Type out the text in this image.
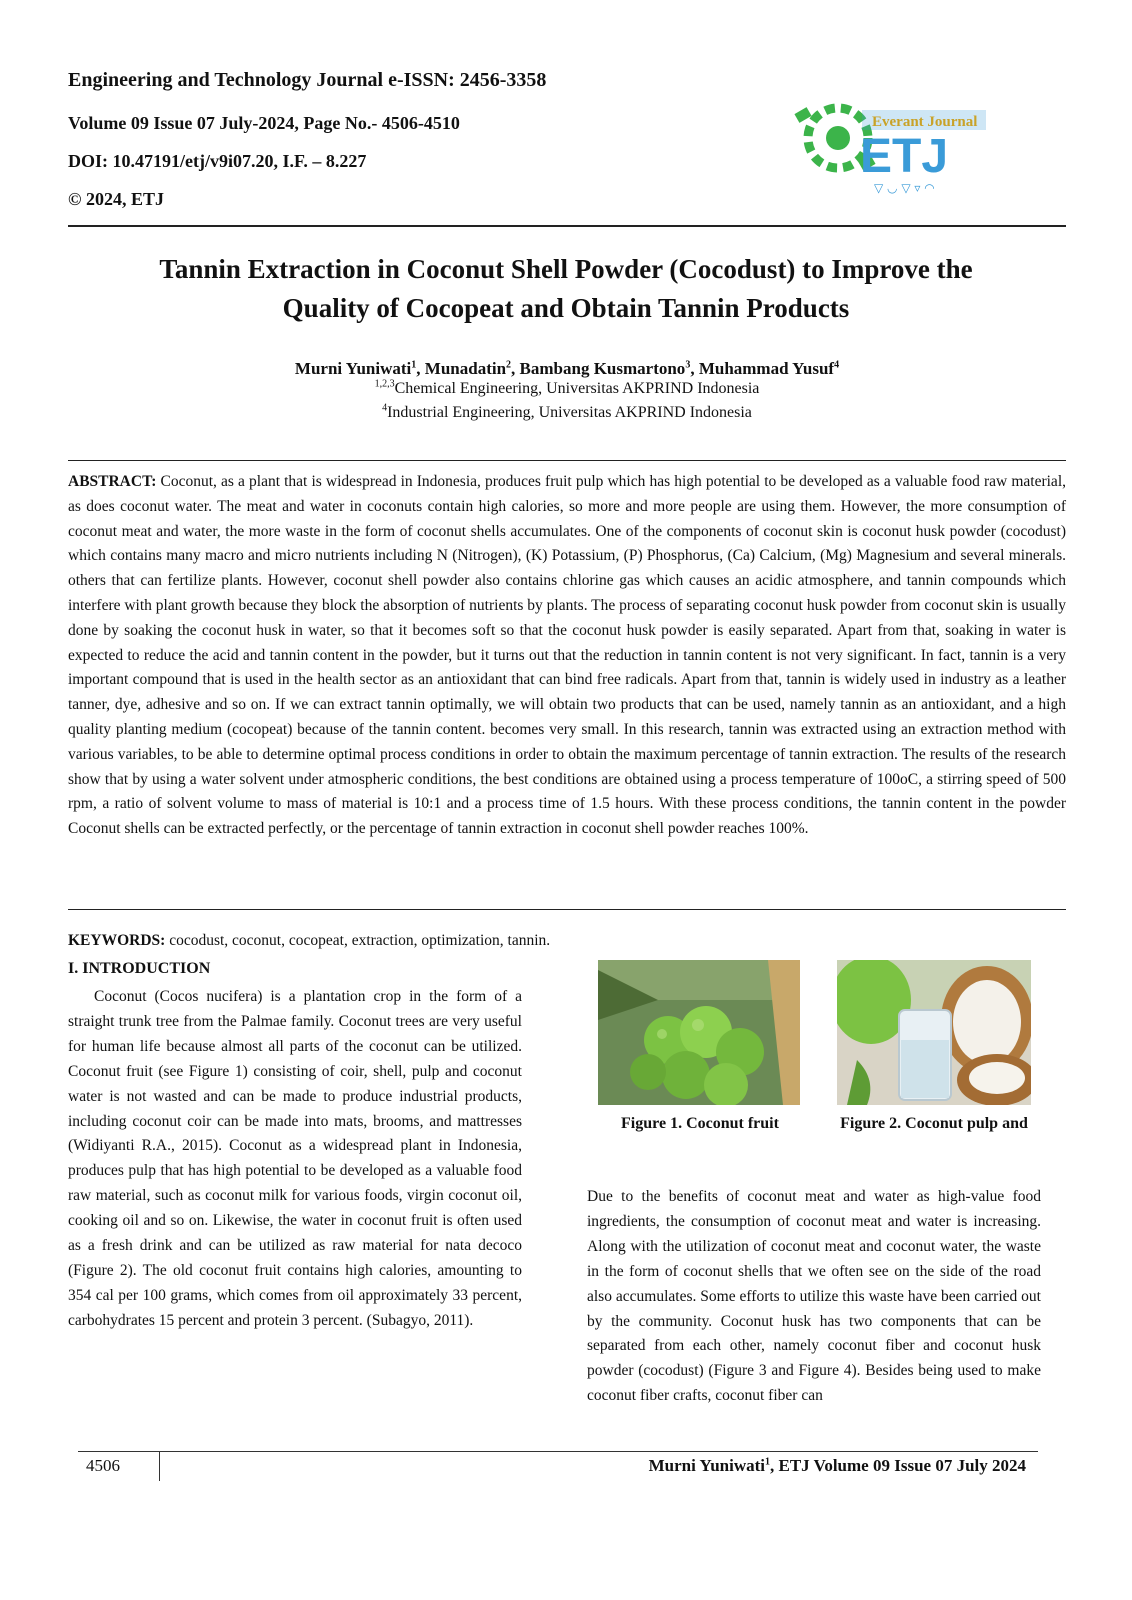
Engineering and Technology Journal e-ISSN: 2456-3358
Volume 09 Issue 07 July-2024, Page No.- 4506-4510
DOI: 10.47191/etj/v9i07.20, I.F. – 8.227
© 2024, ETJ
Everant Journal
ETJ
▽ ◡ ▽ ▿ ◠
Tannin Extraction in Coconut Shell Powder (Cocodust) to Improve the
Quality of Cocopeat and Obtain Tannin Products
Murni Yuniwati$^1$, Munadatin$^2$, Bambang Kusmartono$^3$, Muhammad Yusuf$^4$
$^{1,2,3}$Chemical Engineering, Universitas AKPRIND Indonesia
$^4$Industrial Engineering, Universitas AKPRIND Indonesia
ABSTRACT: Coconut, as a plant that is widespread in Indonesia, produces fruit pulp which has high potential to be developed as a valuable food raw material, as does coconut water. The meat and water in coconuts contain high calories, so more and more people are using them. However, the more consumption of coconut meat and water, the more waste in the form of coconut shells accumulates. One of the components of coconut skin is coconut husk powder (cocodust) which contains many macro and micro nutrients including N (Nitrogen), (K) Potassium, (P) Phosphorus, (Ca) Calcium, (Mg) Magnesium and several minerals. others that can fertilize plants. However, coconut shell powder also contains chlorine gas which causes an acidic atmosphere, and tannin compounds which interfere with plant growth because they block the absorption of nutrients by plants. The process of separating coconut husk powder from coconut skin is usually done by soaking the coconut husk in water, so that it becomes soft so that the coconut husk powder is easily separated. Apart from that, soaking in water is expected to reduce the acid and tannin content in the powder, but it turns out that the reduction in tannin content is not very significant. In fact, tannin is a very important compound that is used in the health sector as an antioxidant that can bind free radicals. Apart from that, tannin is widely used in industry as a leather tanner, dye, adhesive and so on. If we can extract tannin optimally, we will obtain two products that can be used, namely tannin as an antioxidant, and a high quality planting medium (cocopeat) because of the tannin content. becomes very small. In this research, tannin was extracted using an extraction method with various variables, to be able to determine optimal process conditions in order to obtain the maximum percentage of tannin extraction. The results of the research show that by using a water solvent under atmospheric conditions, the best conditions are obtained using a process temperature of 100oC, a stirring speed of 500 rpm, a ratio of solvent volume to mass of material is 10:1 and a process time of 1.5 hours. With these process conditions, the tannin content in the powder Coconut shells can be extracted perfectly, or the percentage of tannin extraction in coconut shell powder reaches 100%.
KEYWORDS: cocodust, coconut, cocopeat, extraction, optimization, tannin.
I. INTRODUCTION
Coconut (Cocos nucifera) is a plantation crop in the form of a straight trunk tree from the Palmae family. Coconut trees are very useful for human life because almost all parts of the coconut can be utilized. Coconut fruit (see Figure 1) consisting of coir, shell, pulp and coconut water is not wasted and can be made to produce industrial products, including coconut coir can be made into mats, brooms, and mattresses (Widiyanti R.A., 2015). Coconut as a widespread plant in Indonesia, produces pulp that has high potential to be developed as a valuable food raw material, such as coconut milk for various foods, virgin coconut oil, cooking oil and so on. Likewise, the water in coconut fruit is often used as a fresh drink and can be utilized as raw material for nata decoco (Figure 2). The old coconut fruit contains high calories, amounting to 354 cal per 100 grams, which comes from oil approximately 33 percent, carbohydrates 15 percent and protein 3 percent. (Subagyo, 2011).
Figure 1. Coconut fruit	Figure 2. Coconut pulp and
Due to the benefits of coconut meat and water as high-value food ingredients, the consumption of coconut meat and water is increasing. Along with the utilization of coconut meat and coconut water, the waste in the form of coconut shells that we often see on the side of the road also accumulates. Some efforts to utilize this waste have been carried out by the community. Coconut husk has two components that can be separated from each other, namely coconut fiber and coconut husk powder (cocodust) (Figure 3 and Figure 4). Besides being used to make coconut fiber crafts, coconut fiber can
4506	Murni Yuniwati$^1$, ETJ Volume 09 Issue 07 July 2024
